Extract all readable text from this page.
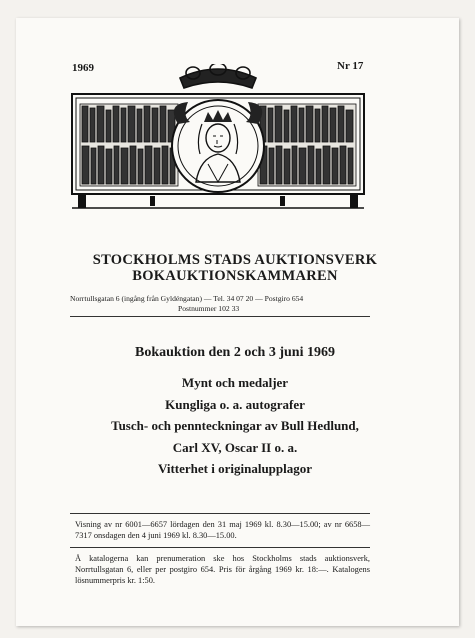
1969	Nr 17
STOCKHOLMS STADS AUKTIONSVERK
BOKAUKTIONSKAMMAREN
Norrtullsgatan 6 (ingång från Gyldéngatan) — Tel. 34 07 20 — Postgiro 654
Postnummer 102 33
Bokauktion den 2 och 3 juni 1969
Mynt och medaljer
Kungliga o. a. autografer
Tusch- och pennteckningar av Bull Hedlund,
Carl XV, Oscar II o. a.
Vitterhet i originalupplagor
Visning av nr 6001—6657 lördagen den 31 maj 1969 kl. 8.30—15.00; av nr 6658—7317 onsdagen den 4 juni 1969 kl. 8.30—15.00.
Å katalogerna kan prenumeration ske hos Stockholms stads auktionsverk, Norrtullsgatan 6, eller per postgiro 654. Pris för årgång 1969 kr. 18:—. Katalogens lösnummerpris kr. 1:50.
